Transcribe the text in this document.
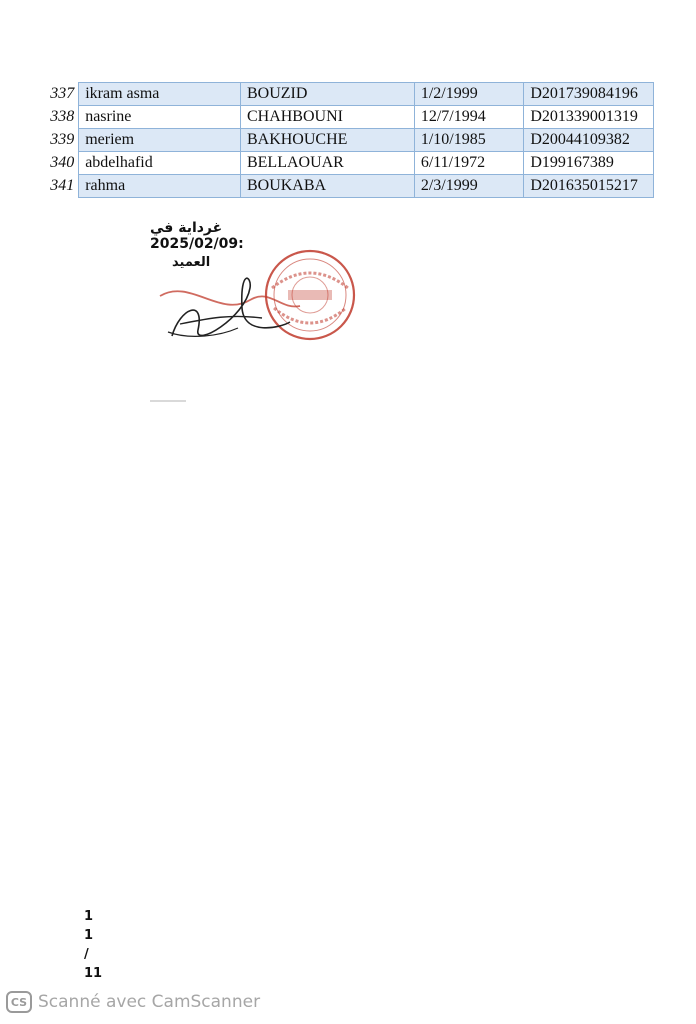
337	ikram asma	BOUZID	1/2/1999	D201739084196
338	nasrine	CHAHBOUNI	12/7/1994	D201339001319
339	meriem	BAKHOUCHE	1/10/1985	D20044109382
340	abdelhafid	BELLAOUAR	6/11/1972	D199167389
341	rahma	BOUKABA	2/3/1999	D201635015217
غرداية في :2025/02/09
العميد
1
1
/
11
CS Scanné avec CamScanner
